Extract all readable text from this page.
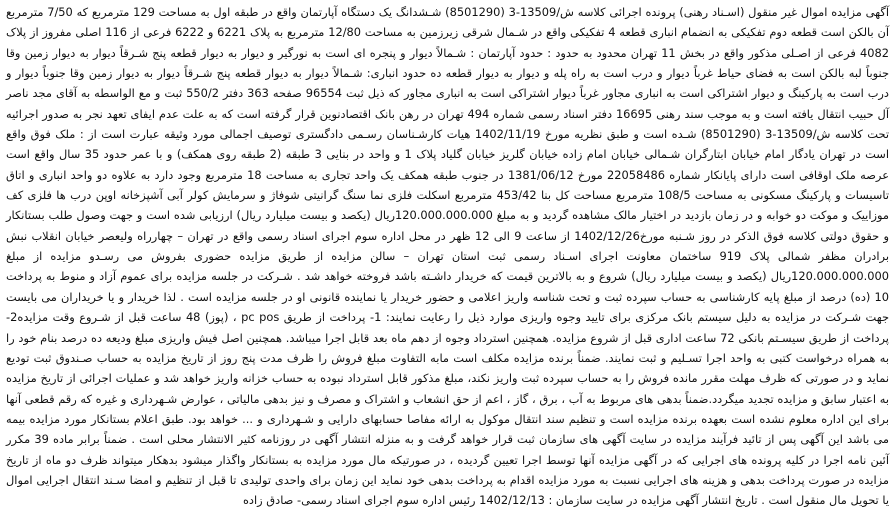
آگهی مزایده اموال غیر منقول (اسـناد رهنی) پرونده اجرائی کلاسه ش/13509-3 (8501290) شـشدانگ یک دستگاه آپارتمان واقع در طبقه اول به مساحت 129 مترمربع که 7/50 مترمربع آن بالکن است قطعه دوم تفکیکی به انضمام انباری قطعه 4 تفکیکی واقع در شـمال شرقی زیرزمین به مساحت 12/80 مترمربع به پلاک 6221 و 6222 فرعی از 116 اصلی مفروز از پلاک 4082 فرعی از اصـلی مذکور واقع در بخش 11 تهران محدود به حدود : حدود آپارتمان : شـمالاً دیوار و پنجره ای است به نورگیر و دیوار به دیوار قطعه پنج شـرقاً دیوار به دیوار زمین وقا جنوباً لبه بالکن است به فضای حیاط غرباً دیوار و درب است به راه پله و دیوار به دیوار قطعه ده حدود انباری: شـمالاً دیوار به دیوار قطعه پنج شـرقاً دیوار به دیوار زمین وقا جنوباً دیوار و درب است به پارکینگ و دیوار اشتراکی است به انباری مجاور غرباً دیوار اشتراکی است به انباری مجاور که ذیل ثبت 96554 صفحه 363 دفتر 550/2 ثبت و مع الواسطه به آقای مجد ناصر آل حبیب انتقال یافته است و به موجب سند رهنی 16695 دفتر اسناد رسمی شماره 494 تهران در رهن بانک اقتصادنوین قرار گرفته است که به علت عدم ایفای تعهد نجر به صدور اجرائیه تحت کلاسه ش/13509-3 (8501290) شـده است و طبق نظریه مورخ 1402/11/19 هیات کارشـناسان رسـمی دادگستری توصیف اجمالی مورد وثیقه عبارت است از : ملک فوق واقع است در تهران یادگار امام خیابان ابتارگران شـمالی خیابان امام زاده خیابان گلریز خیابان گلیاد پلاک 1 و واحد در بنایی 3 طبقه (2 طبقه روی همکف) و با عمر حدود 35 سال واقع است عرصه ملک اوقافی است دارای پایانکار شماره 22058486 مورخ 1381/06/12 در جنوب طبقه همکف یک واحد تجاری به مساحت 18 مترمربع وجود دارد به علاوه دو واحد انباری و اتاق تاسیسات و پارکینگ مسکونی به مساحت 108/5 مترمربع مساحت کل بنا 453/42 مترمربع اسکلت فلزی نما سنگ گرانیتی شوفاژ و سرمایش کولر آبی آشپزخانه اوپن درب ها فلزی کف موزاییک و موکت دو خوابه و در زمان بازدید در اختیار مالک مشاهده گردید و به مبلغ 120.000.000.000ریال (یکصد و بیست میلیارد ریال) ارزیابی شده است و جهت وصول طلب بستانکار و حقوق دولتی کلاسه فوق الذکر در روز شـنبه مورخ1402/12/26 از ساعت 9 الی 12 ظهر در محل اداره سوم اجرای اسناد رسمی واقع در تهران – چهارراه ولیعصر خیابان انقلاب نبش برادران مظفر شمالی پلاک 919 ساختمان معاونت اجرای اسـناد رسمی ثبت استان تهران – سالن مزایده از طریق مزایده حضوری بفروش می رسـدو مزایده از مبلغ 120.000.000.000ریال (یکصد و بیست میلیارد ریال) شروع و به بالاترین قیمت که خریدار داشـته باشد فروخته خواهد شد . شـرکت در جلسه مزایده برای عموم آزاد و منوط به پرداخت 10 (ده) درصد از مبلغ پایه کارشناسی به حساب سپرده ثبت و تحت شناسه واریز اعلامی و حضور خریدار یا نماینده قانونی او در جلسه مزایده است . لذا خریدار و یا خریداران می بایست جهت شـرکت در مزایده به دلیل سیستم بانک مرکزی برای تایید وجوه واریزی موارد ذیل را رعایت نمایند: 1- پرداخت از طریق pc pos ، (پوز) 48 ساعت قبل از شـروع وقت مزایده2- پرداخت از طریق سیسـتم بانکی 72 ساعت اداری قبل از شروع مزایده. همچنین استرداد وجوه از دهم ماه بعد قابل اجرا میباشد. همچنین اصل فیش واریزی مبلغ ودیعه ده درصد بنام خود را به همراه درخواست کتبی به واحد اجرا تسـلیم و ثبت نمایند. ضمناً برنده مزایده مکلف است مابه التفاوت مبلغ فروش را ظرف مدت پنج روز از تاریخ مزایده به حساب صـندوق ثبت تودیع نماید و در صورتی که ظرف مهلت مقرر مانده فروش را به حساب سپرده ثبت واریز نکند، مبلغ مذکور قابل استرداد نبوده به حساب خزانه واریز خواهد شد و عملیات اجرائی از تاریخ مزایده به اعتبار سابق و مزایده تجدید میگردد.ضمناً بدهی های مربوط به آب ، برق ، گاز ، اعم از حق انشعاب و اشتراک و مصرف و نیز بدهی مالیاتی ، عوارض شـهرداری و غیره که رقم قطعی آنها برای این اداره معلوم نشده است بعهده برنده مزایده است و تنظیم سند انتقال موکول به ارائه مفاصا حسابهای دارایی و شـهرداری و ... خواهد بود. طبق اعلام بستانکار مورد مزایده بیمه می باشد این آگهی پس از تائید فرآیند مزایده در سایت آگهی های سازمان ثبت قرار خواهد گرفت و به منزله انتشار آگهی در روزنامه کثیر الانتشار محلی است . ضمناً برابر ماده 39 مکرر آئین نامه اجرا در کلیه پرونده های اجرایی که در آگهی مزایده آنها توسط اجرا تعیین گردیده ، در صورتیکه مال مورد مزایده به بستانکار واگذار میشود بدهکار میتواند ظرف دو ماه از تاریخ مزایده در صورت پرداخت بدهی و هزینه های اجرایی نسبت به مورد مزایده اقدام به پرداخت بدهی خود نماید این زمان برای واحدی تولیدی تا قبل از تنظیم و امضا سـند انتقال اجرایی اموال یا تحویل مال منقول است . تاریخ انتشار آگهی مزایده در سایت سازمان : 1402/12/13 رئیس اداره سوم اجرای اسناد رسمی- صادق زاده
